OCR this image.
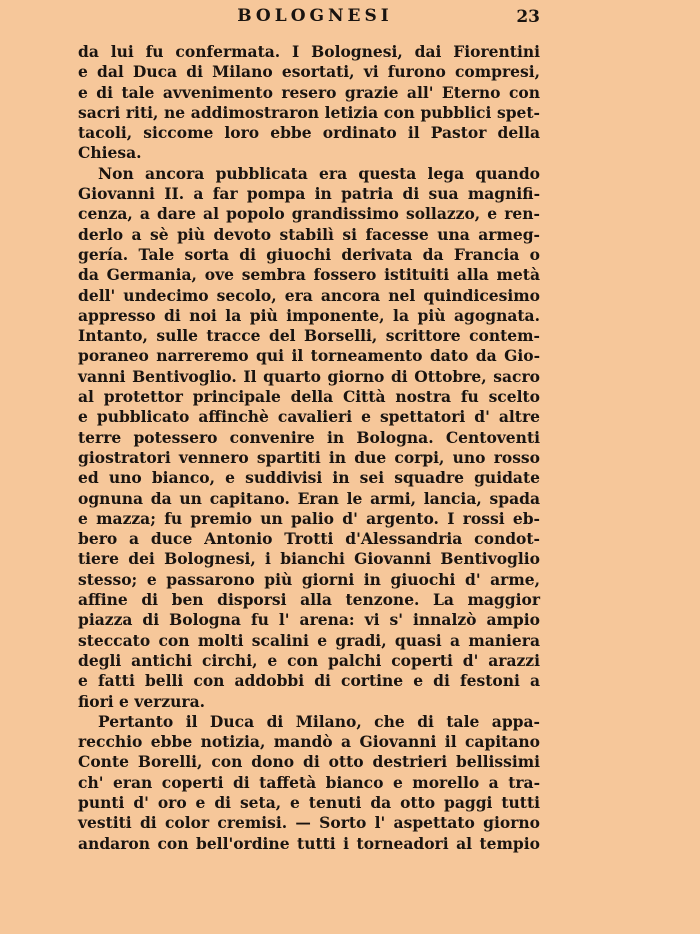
BOLOGNESI	23
da lui fu confermata. I Bolognesi, dai Fiorentini
e dal Duca di Milano esortati, vi furono compresi,
e di tale avvenimento resero grazie all' Eterno con
sacri riti, ne addimostraron letizia con pubblici spet-
tacoli, siccome loro ebbe ordinato il Pastor della
Chiesa.
Non ancora pubblicata era questa lega quando
Giovanni II. a far pompa in patria di sua magnifi-
cenza, a dare al popolo grandissimo sollazzo, e ren-
derlo a sè più devoto stabilì si facesse una armeg-
gería. Tale sorta di giuochi derivata da Francia o
da Germania, ove sembra fossero istituiti alla metà
dell' undecimo secolo, era ancora nel quindicesimo
appresso di noi la più imponente, la più agognata.
Intanto, sulle tracce del Borselli, scrittore contem-
poraneo narreremo qui il torneamento dato da Gio-
vanni Bentivoglio. Il quarto giorno di Ottobre, sacro
al protettor principale della Città nostra fu scelto
e pubblicato affinchè cavalieri e spettatori d' altre
terre potessero convenire in Bologna. Centoventi
giostratori vennero spartiti in due corpi, uno rosso
ed uno bianco, e suddivisi in sei squadre guidate
ognuna da un capitano. Eran le armi, lancia, spada
e mazza; fu premio un palio d' argento. I rossi eb-
bero a duce Antonio Trotti d'Alessandria condot-
tiere dei Bolognesi, i bianchi Giovanni Bentivoglio
stesso; e passarono più giorni in giuochi d' arme,
affine di ben disporsi alla tenzone. La maggior
piazza di Bologna fu l' arena: vi s' innalzò ampio
steccato con molti scalini e gradi, quasi a maniera
degli antichi circhi, e con palchi coperti d' arazzi
e fatti belli con addobbi di cortine e di festoni a
fiori e verzura.
Pertanto il Duca di Milano, che di tale appa-
recchio ebbe notizia, mandò a Giovanni il capitano
Conte Borelli, con dono di otto destrieri bellissimi
ch' eran coperti di taffetà bianco e morello a tra-
punti d' oro e di seta, e tenuti da otto paggi tutti
vestiti di color cremisi. — Sorto l' aspettato giorno
andaron con bell'ordine tutti i torneadori al tempio
